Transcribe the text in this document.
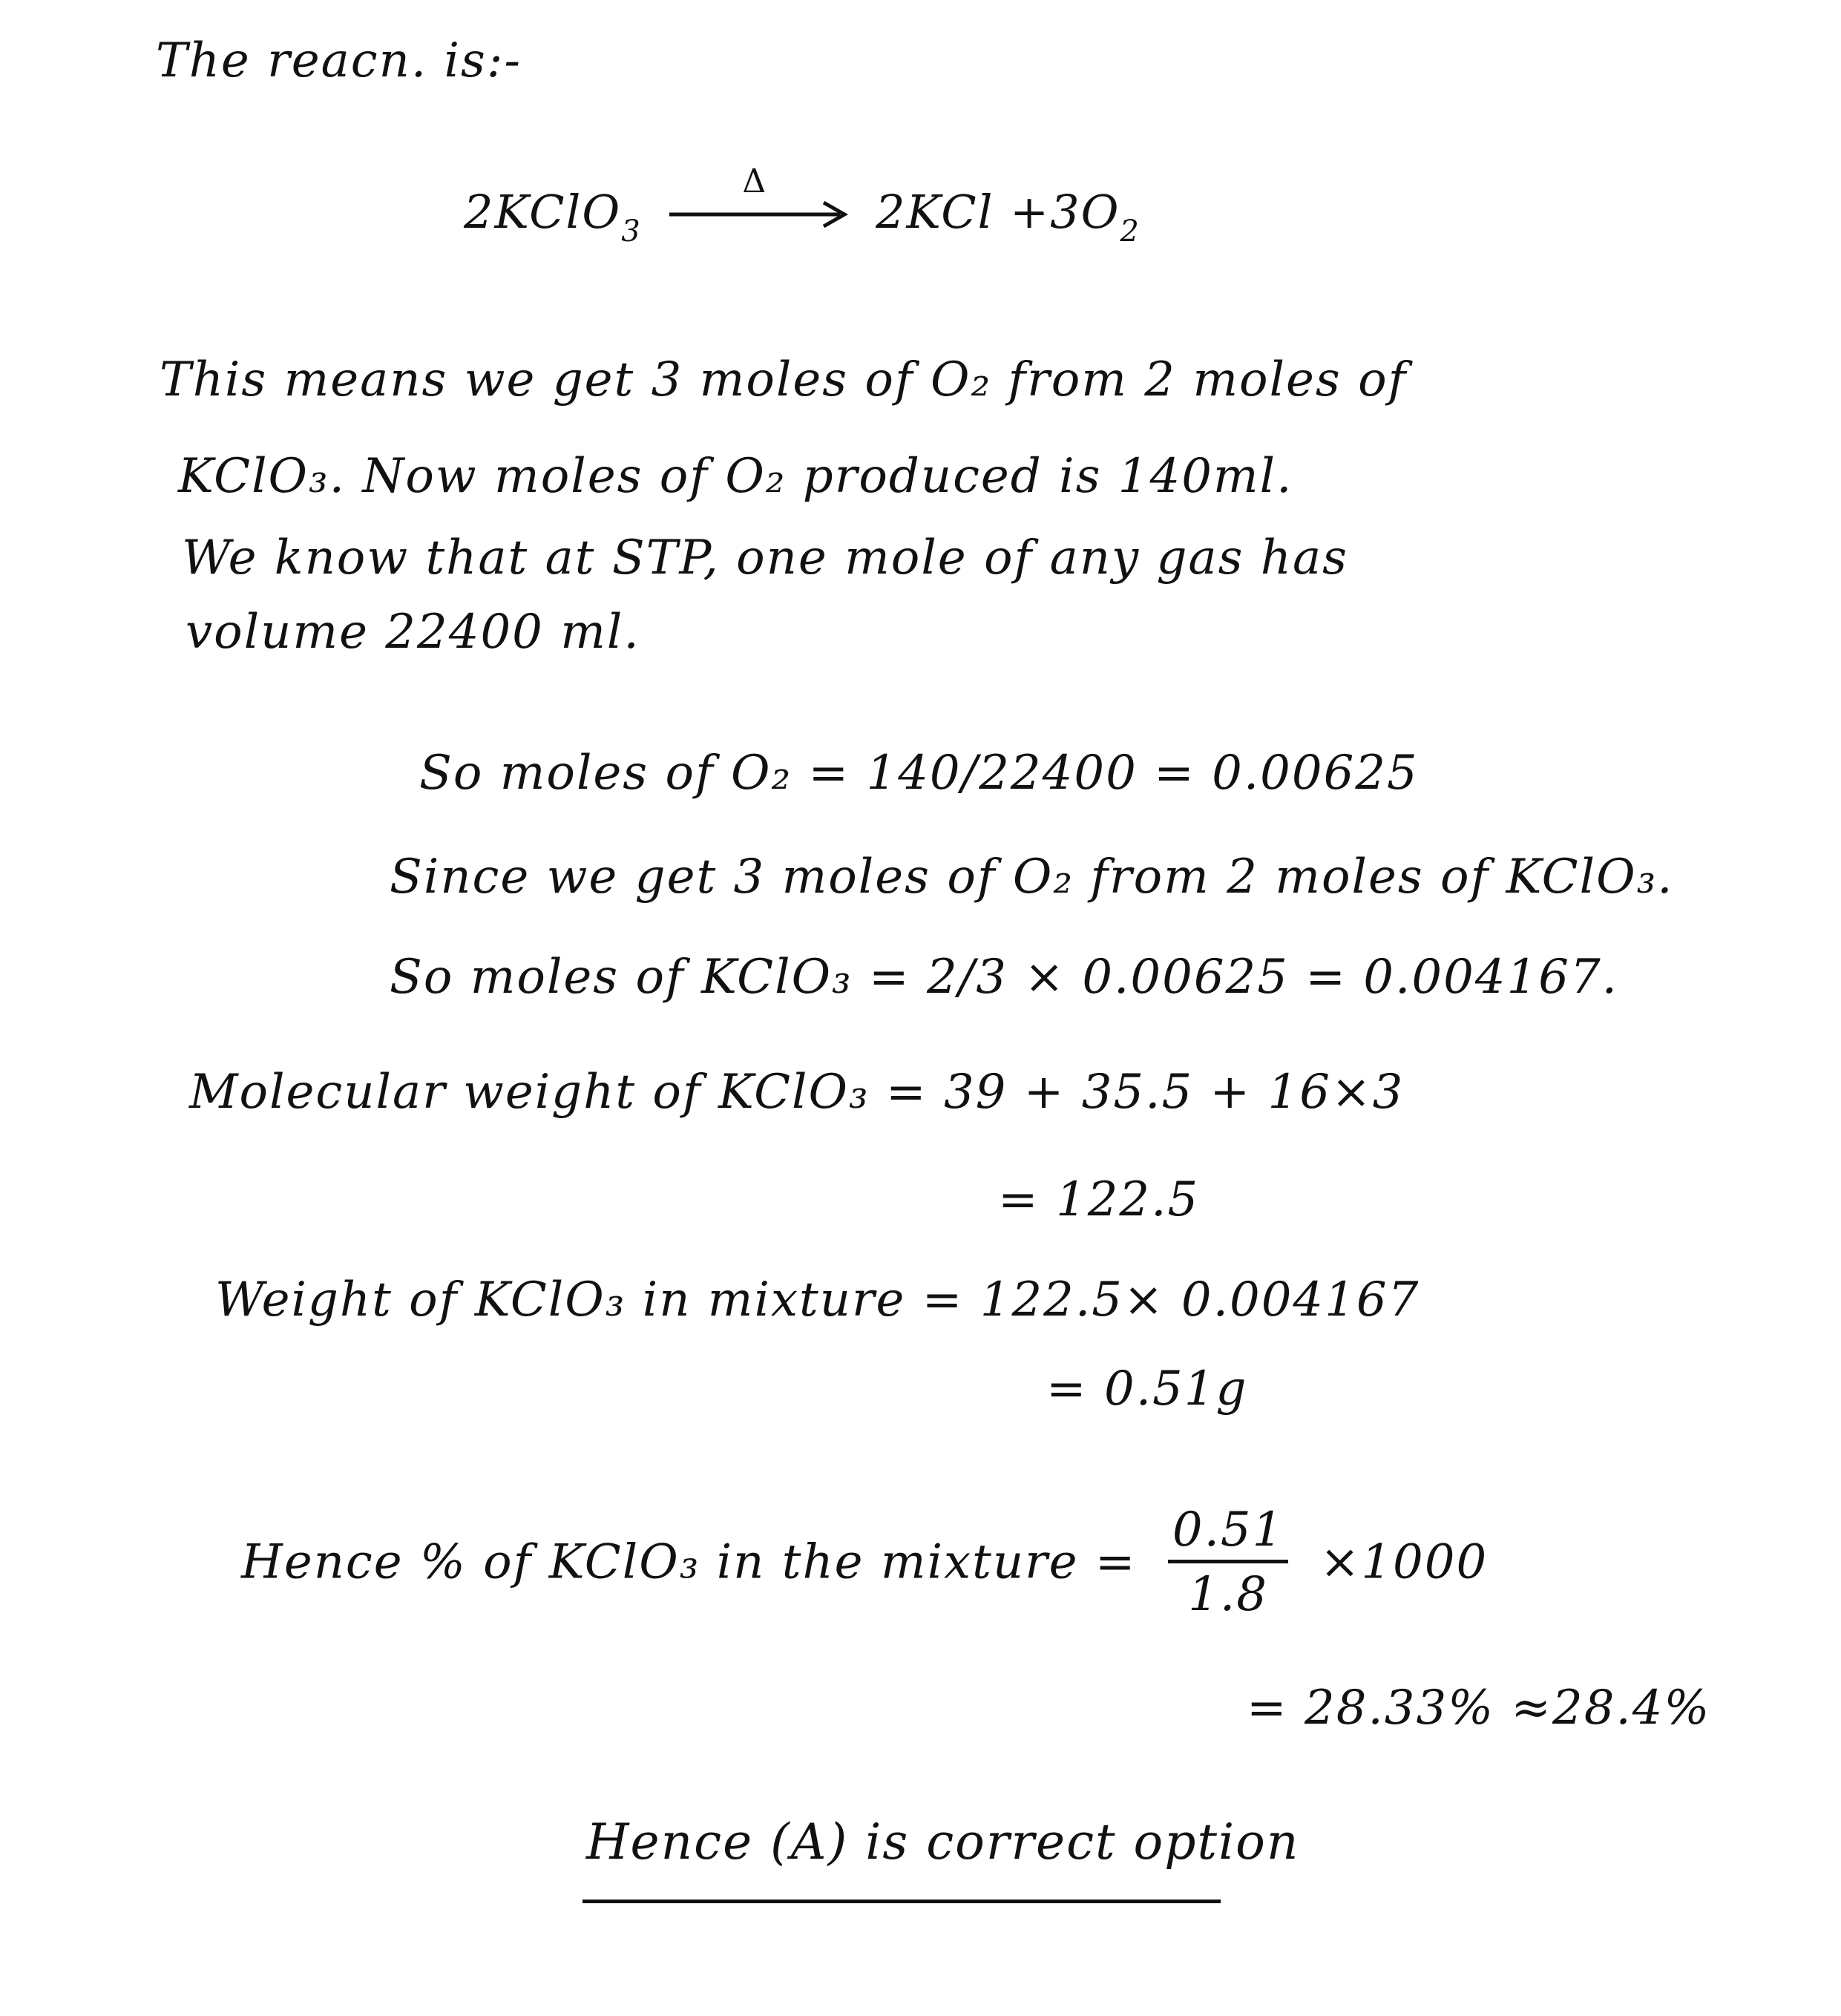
The reacn. is:-
2KClO$_3$
Δ
$2KCl +3O_2$
This means we get 3 moles of O₂ from 2 moles of
KClO₃. Now moles of O₂ produced is 140ml.
We know that at STP, one mole of any gas has
volume 22400 ml.
So moles of O₂ = 140/22400 = 0.00625
Since we get 3 moles of O₂ from 2 moles of KClO₃.
So moles of KClO₃ = 2/3 × 0.00625 = 0.004167.
Molecular weight of KClO₃ = 39 + 35.5 + 16×3
= 122.5
Weight of KClO₃ in mixture = 122.5× 0.004167
= 0.51g
Hence % of KClO₃ in the mixture = $\frac{0.51}{1.8} \times 1000$
= 28.33% ≈28.4%
Hence (A) is correct option
